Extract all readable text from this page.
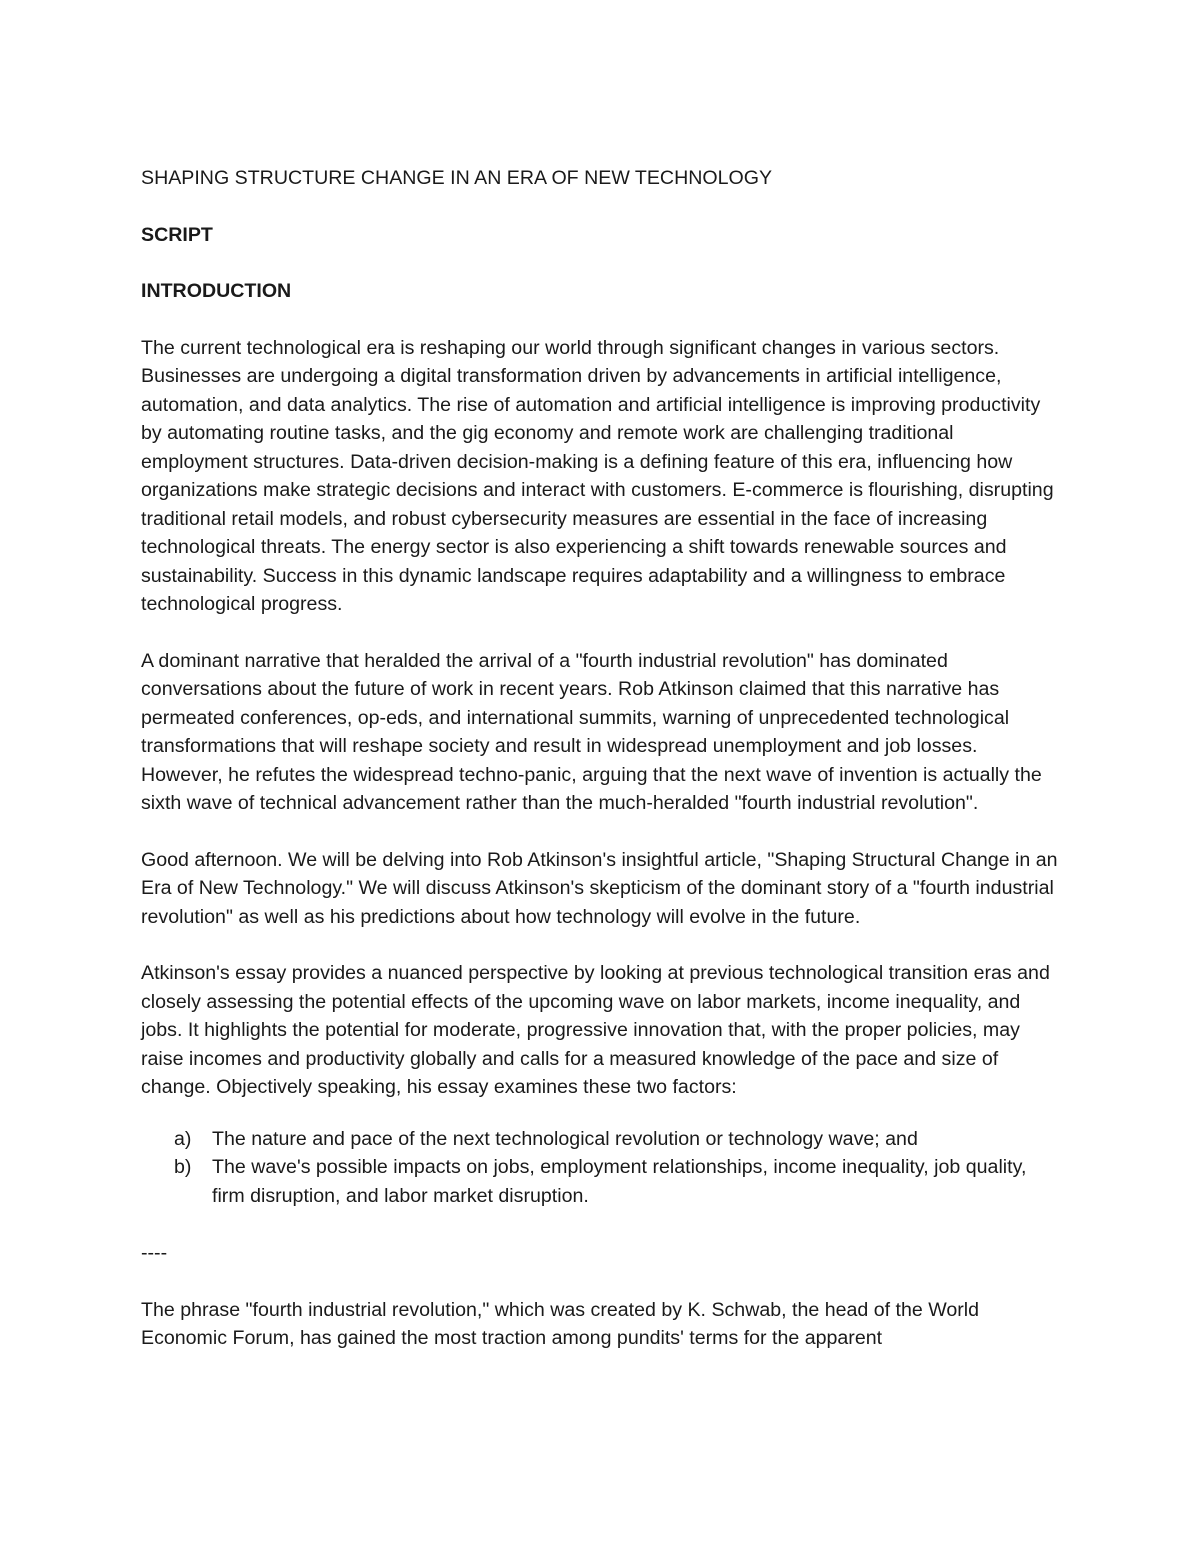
SHAPING STRUCTURE CHANGE IN AN ERA OF NEW TECHNOLOGY

SCRIPT

INTRODUCTION

The current technological era is reshaping our world through significant changes in various sectors. Businesses are undergoing a digital transformation driven by advancements in artificial intelligence, automation, and data analytics. The rise of automation and artificial intelligence is improving productivity by automating routine tasks, and the gig economy and remote work are challenging traditional employment structures. Data-driven decision-making is a defining feature of this era, influencing how organizations make strategic decisions and interact with customers. E-commerce is flourishing, disrupting traditional retail models, and robust cybersecurity measures are essential in the face of increasing technological threats. The energy sector is also experiencing a shift towards renewable sources and sustainability. Success in this dynamic landscape requires adaptability and a willingness to embrace technological progress.

A dominant narrative that heralded the arrival of a "fourth industrial revolution" has dominated conversations about the future of work in recent years. Rob Atkinson claimed that this narrative has permeated conferences, op-eds, and international summits, warning of unprecedented technological transformations that will reshape society and result in widespread unemployment and job losses. However, he refutes the widespread techno-panic, arguing that the next wave of invention is actually the sixth wave of technical advancement rather than the much-heralded "fourth industrial revolution".

Good afternoon. We will be delving into Rob Atkinson's insightful article, "Shaping Structural Change in an Era of New Technology." We will discuss Atkinson's skepticism of the dominant story of a "fourth industrial revolution" as well as his predictions about how technology will evolve in the future.

Atkinson's essay provides a nuanced perspective by looking at previous technological transition eras and closely assessing the potential effects of the upcoming wave on labor markets, income inequality, and jobs. It highlights the potential for moderate, progressive innovation that, with the proper policies, may raise incomes and productivity globally and calls for a measured knowledge of the pace and size of change. Objectively speaking, his essay examines these two factors:

a) The nature and pace of the next technological revolution or technology wave; and
b) The wave's possible impacts on jobs, employment relationships, income inequality, job quality, firm disruption, and labor market disruption.

----

The phrase "fourth industrial revolution," which was created by K. Schwab, the head of the World Economic Forum, has gained the most traction among pundits' terms for the apparent
